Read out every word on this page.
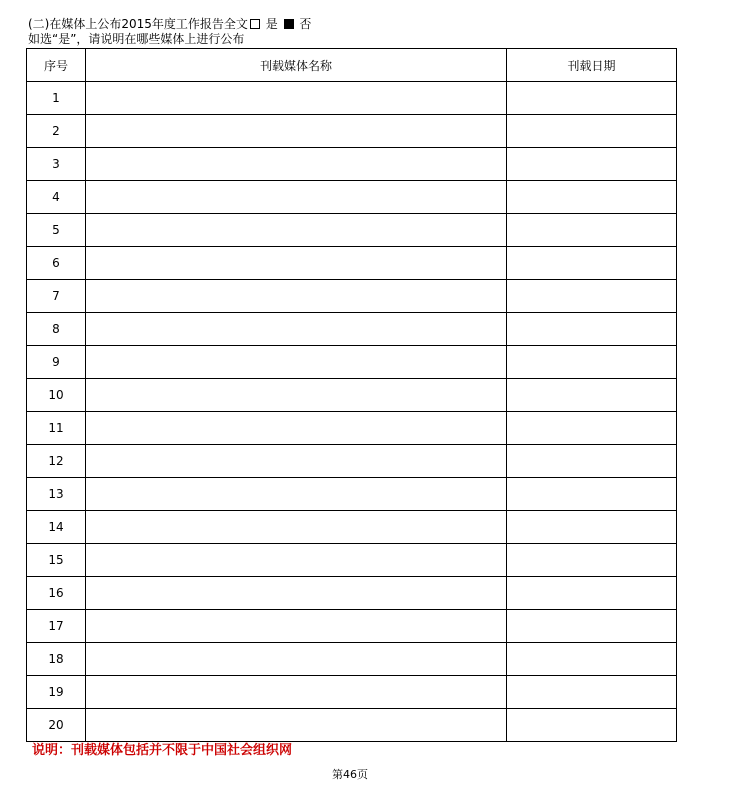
(二)在媒体上公布2015年度工作报告全文 是 否
如选“是”，请说明在哪些媒体上进行公布
序号	刊载媒体名称	刊载日期
1		
2		
3		
4		
5		
6		
7		
8		
9		
10		
11		
12		
13		
14		
15		
16		
17		
18		
19		
20		
说明：刊载媒体包括并不限于中国社会组织网
第46页
